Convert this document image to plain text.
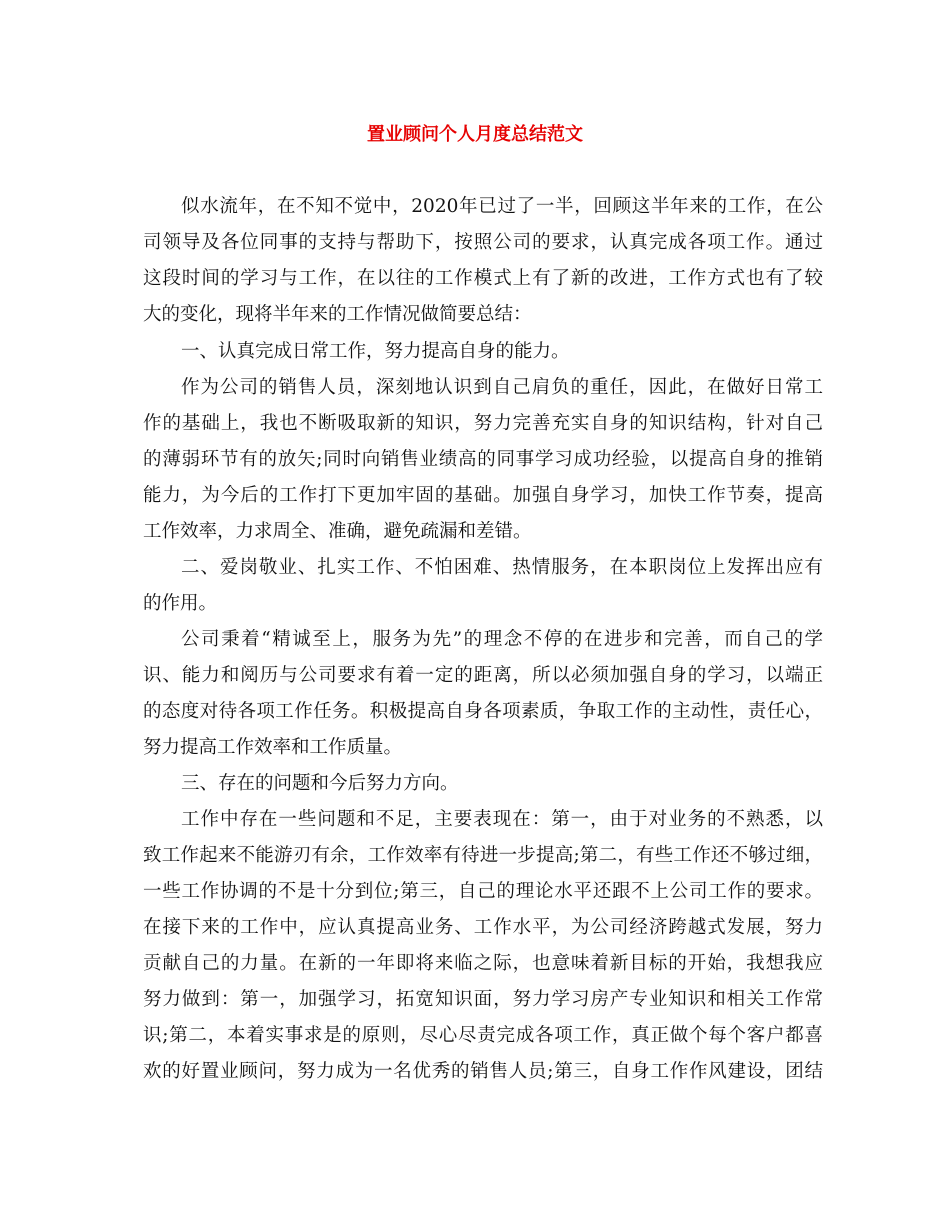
置业顾问个人月度总结范文
似水流年，在不知不觉中，2020年已过了一半，回顾这半年来的工作，在公
司领导及各位同事的支持与帮助下，按照公司的要求，认真完成各项工作。通过
这段时间的学习与工作，在以往的工作模式上有了新的改进，工作方式也有了较
大的变化，现将半年来的工作情况做简要总结：
一、认真完成日常工作，努力提高自身的能力。
作为公司的销售人员，深刻地认识到自己肩负的重任，因此，在做好日常工
作的基础上，我也不断吸取新的知识，努力完善充实自身的知识结构，针对自己
的薄弱环节有的放矢;同时向销售业绩高的同事学习成功经验，以提高自身的推销
能力，为今后的工作打下更加牢固的基础。加强自身学习，加快工作节奏，提高
工作效率，力求周全、准确，避免疏漏和差错。
二、爱岗敬业、扎实工作、不怕困难、热情服务，在本职岗位上发挥出应有
的作用。
公司秉着“精诚至上，服务为先”的理念不停的在进步和完善，而自己的学
识、能力和阅历与公司要求有着一定的距离，所以必须加强自身的学习，以端正
的态度对待各项工作任务。积极提高自身各项素质，争取工作的主动性，责任心，
努力提高工作效率和工作质量。
三、存在的问题和今后努力方向。
工作中存在一些问题和不足，主要表现在：第一，由于对业务的不熟悉，以
致工作起来不能游刃有余，工作效率有待进一步提高;第二，有些工作还不够过细，
一些工作协调的不是十分到位;第三，自己的理论水平还跟不上公司工作的要求。
在接下来的工作中，应认真提高业务、工作水平，为公司经济跨越式发展，努力
贡献自己的力量。在新的一年即将来临之际，也意味着新目标的开始，我想我应
努力做到：第一，加强学习，拓宽知识面，努力学习房产专业知识和相关工作常
识;第二，本着实事求是的原则，尽心尽责完成各项工作，真正做个每个客户都喜
欢的好置业顾问，努力成为一名优秀的销售人员;第三，自身工作作风建设，团结
